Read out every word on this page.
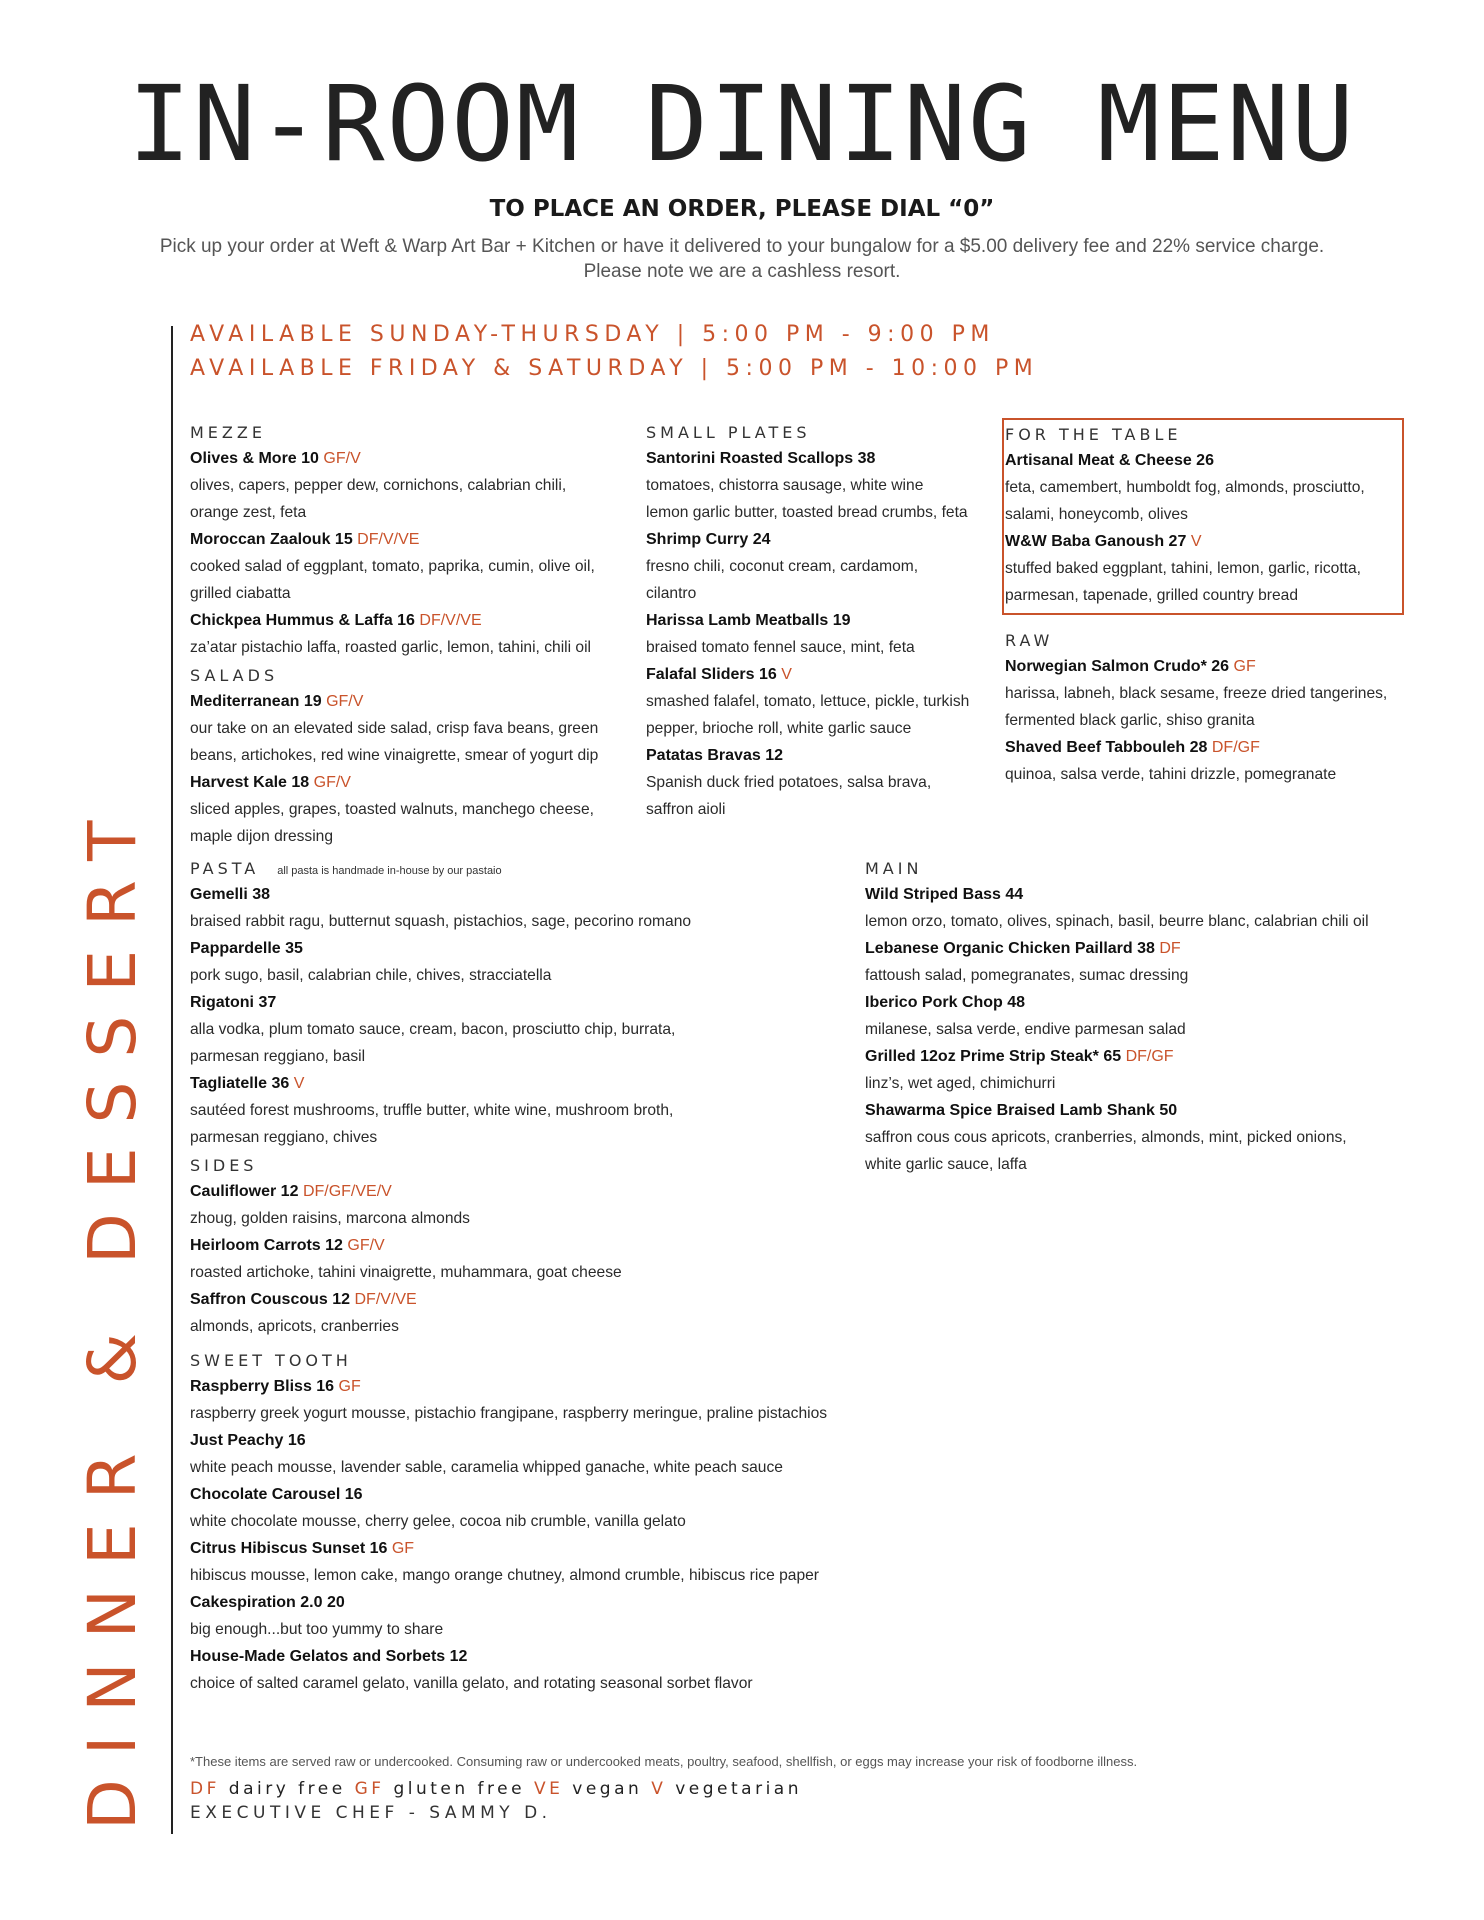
IN-ROOM DINING MENU
TO PLACE AN ORDER, PLEASE DIAL “0”
Pick up your order at Weft & Warp Art Bar + Kitchen or have it delivered to your bungalow for a $5.00 delivery fee and 22% service charge.
Please note we are a cashless resort.
DINNER & DESSERT
AVAILABLE SUNDAY-THURSDAY | 5:00 PM - 9:00 PM
AVAILABLE FRIDAY & SATURDAY | 5:00 PM - 10:00 PM
MEZZE
Olives & More 10 GF/V
olives, capers, pepper dew, cornichons, calabrian chili,
orange zest, feta
Moroccan Zaalouk 15 DF/V/VE
cooked salad of eggplant, tomato, paprika, cumin, olive oil,
grilled ciabatta
Chickpea Hummus & Laffa 16 DF/V/VE
za’atar pistachio laffa, roasted garlic, lemon, tahini, chili oil
SALADS
Mediterranean 19 GF/V
our take on an elevated side salad, crisp fava beans, green
beans, artichokes, red wine vinaigrette, smear of yogurt dip
Harvest Kale 18 GF/V
sliced apples, grapes, toasted walnuts, manchego cheese,
maple dijon dressing
SMALL PLATES
Santorini Roasted Scallops 38
tomatoes, chistorra sausage, white wine
lemon garlic butter, toasted bread crumbs, feta
Shrimp Curry 24
fresno chili, coconut cream, cardamom,
cilantro
Harissa Lamb Meatballs 19
braised tomato fennel sauce, mint, feta
Falafal Sliders 16 V
smashed falafel, tomato, lettuce, pickle, turkish
pepper, brioche roll, white garlic sauce
Patatas Bravas 12
Spanish duck fried potatoes, salsa brava,
saffron aioli
FOR THE TABLE
Artisanal Meat & Cheese 26
feta, camembert, humboldt fog, almonds, prosciutto,
salami, honeycomb, olives
W&W Baba Ganoush 27 V
stuffed baked eggplant, tahini, lemon, garlic, ricotta,
parmesan, tapenade, grilled country bread
RAW
Norwegian Salmon Crudo* 26 GF
harissa, labneh, black sesame, freeze dried tangerines,
fermented black garlic, shiso granita
Shaved Beef Tabbouleh 28 DF/GF
quinoa, salsa verde, tahini drizzle, pomegranate
PASTA all pasta is handmade in-house by our pastaio
Gemelli 38
braised rabbit ragu, butternut squash, pistachios, sage, pecorino romano
Pappardelle 35
pork sugo, basil, calabrian chile, chives, stracciatella
Rigatoni 37
alla vodka, plum tomato sauce, cream, bacon, prosciutto chip, burrata,
parmesan reggiano, basil
Tagliatelle 36 V
sautéed forest mushrooms, truffle butter, white wine, mushroom broth,
parmesan reggiano, chives
SIDES
Cauliflower 12 DF/GF/VE/V
zhoug, golden raisins, marcona almonds
Heirloom Carrots 12 GF/V
roasted artichoke, tahini vinaigrette, muhammara, goat cheese
Saffron Couscous 12 DF/V/VE
almonds, apricots, cranberries
MAIN
Wild Striped Bass 44
lemon orzo, tomato, olives, spinach, basil, beurre blanc, calabrian chili oil
Lebanese Organic Chicken Paillard 38 DF
fattoush salad, pomegranates, sumac dressing
Iberico Pork Chop 48
milanese, salsa verde, endive parmesan salad
Grilled 12oz Prime Strip Steak* 65 DF/GF
linz’s, wet aged, chimichurri
Shawarma Spice Braised Lamb Shank 50
saffron cous cous apricots, cranberries, almonds, mint, picked onions,
white garlic sauce, laffa
SWEET TOOTH
Raspberry Bliss 16 GF
raspberry greek yogurt mousse, pistachio frangipane, raspberry meringue, praline pistachios
Just Peachy 16
white peach mousse, lavender sable, caramelia whipped ganache, white peach sauce
Chocolate Carousel 16
white chocolate mousse, cherry gelee, cocoa nib crumble, vanilla gelato
Citrus Hibiscus Sunset 16 GF
hibiscus mousse, lemon cake, mango orange chutney, almond crumble, hibiscus rice paper
Cakespiration 2.0 20
big enough...but too yummy to share
House-Made Gelatos and Sorbets 12
choice of salted caramel gelato, vanilla gelato, and rotating seasonal sorbet flavor
*These items are served raw or undercooked. Consuming raw or undercooked meats, poultry, seafood, shellfish, or eggs may increase your risk of foodborne illness.
DF dairy free GF gluten free VE vegan V vegetarian
EXECUTIVE CHEF - SAMMY D.
